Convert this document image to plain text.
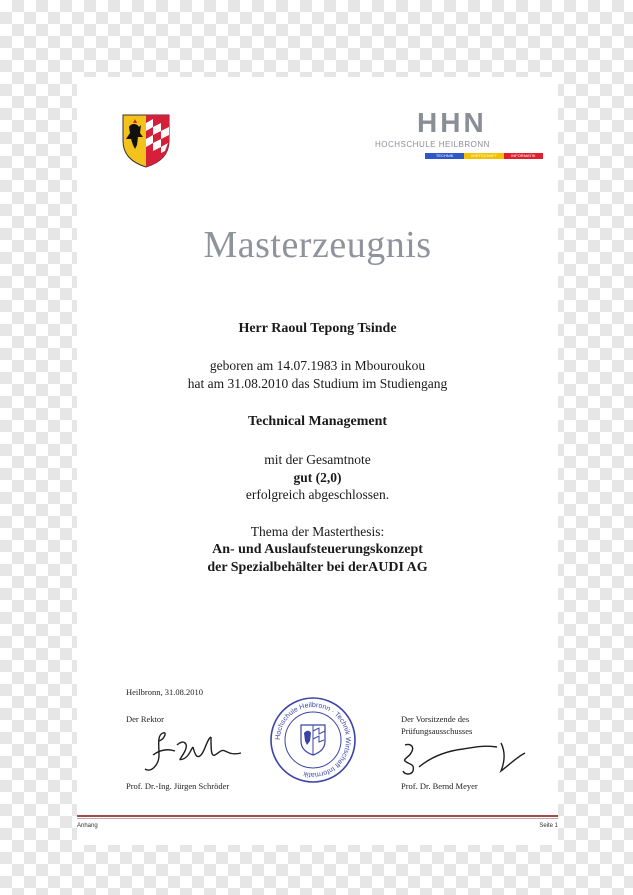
HHN
HOCHSCHULE HEILBRONN
TECHNIK	WIRTSCHAFT	INFORMATIK
Masterzeugnis
Herr Raoul Tepong Tsinde
geboren am 14.07.1983 in Mbouroukou
hat am 31.08.2010 das Studium im Studiengang
Technical Management
mit der Gesamtnote
gut (2,0)
erfolgreich abgeschlossen.
Thema der Masterthesis:
An- und Auslaufsteuerungskonzept
der Spezialbehälter bei derAUDI AG
Heilbronn, 31.08.2010
Der Rektor
Prof. Dr.-Ing. Jürgen Schröder
Hochschule Heilbronn · Technik Wirtschaft Informatik
Der Vorsitzende des
Prüfungsausschusses
Prof. Dr. Bernd Meyer
Anhang	Seite 1
